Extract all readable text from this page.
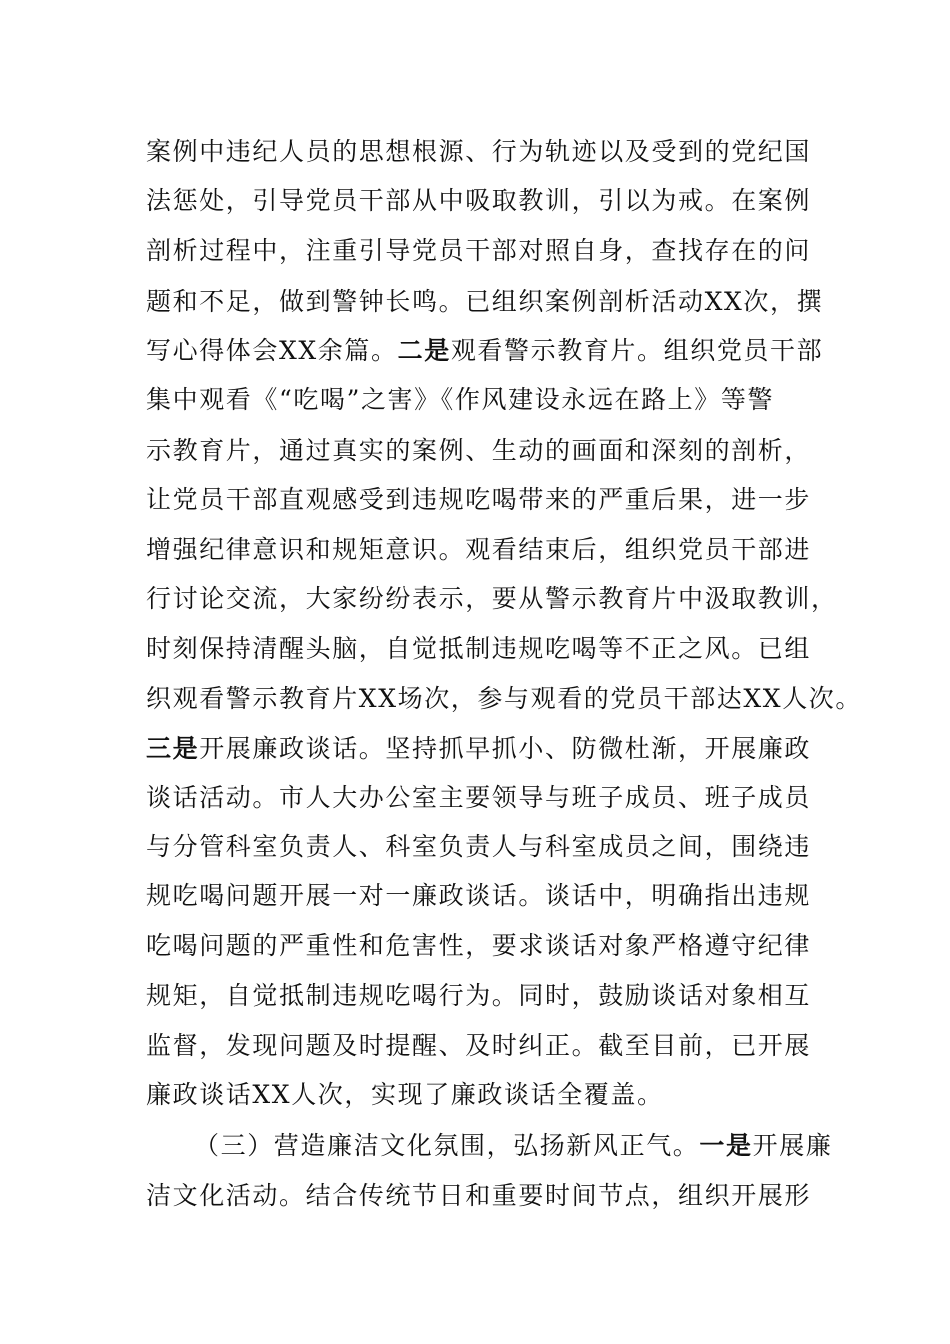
案例中违纪人员的思想根源、行为轨迹以及受到的党纪国
法惩处，引导党员干部从中吸取教训，引以为戒。在案例
剖析过程中，注重引导党员干部对照自身，查找存在的问
题和不足，做到警钟长鸣。已组织案例剖析活动XX次，撰
写心得体会XX余篇。二是观看警示教育片。组织党员干部
集中观看《“吃喝”之害》《作风建设永远在路上》等警
示教育片，通过真实的案例、生动的画面和深刻的剖析，
让党员干部直观感受到违规吃喝带来的严重后果，进一步
增强纪律意识和规矩意识。观看结束后，组织党员干部进
行讨论交流，大家纷纷表示，要从警示教育片中汲取教训，
时刻保持清醒头脑，自觉抵制违规吃喝等不正之风。已组
织观看警示教育片XX场次，参与观看的党员干部达XX人次。
三是开展廉政谈话。坚持抓早抓小、防微杜渐，开展廉政
谈话活动。市人大办公室主要领导与班子成员、班子成员
与分管科室负责人、科室负责人与科室成员之间，围绕违
规吃喝问题开展一对一廉政谈话。谈话中，明确指出违规
吃喝问题的严重性和危害性，要求谈话对象严格遵守纪律
规矩，自觉抵制违规吃喝行为。同时，鼓励谈话对象相互
监督，发现问题及时提醒、及时纠正。截至目前，已开展
廉政谈话XX人次，实现了廉政谈话全覆盖。
（三）营造廉洁文化氛围，弘扬新风正气。一是开展廉
洁文化活动。结合传统节日和重要时间节点，组织开展形
